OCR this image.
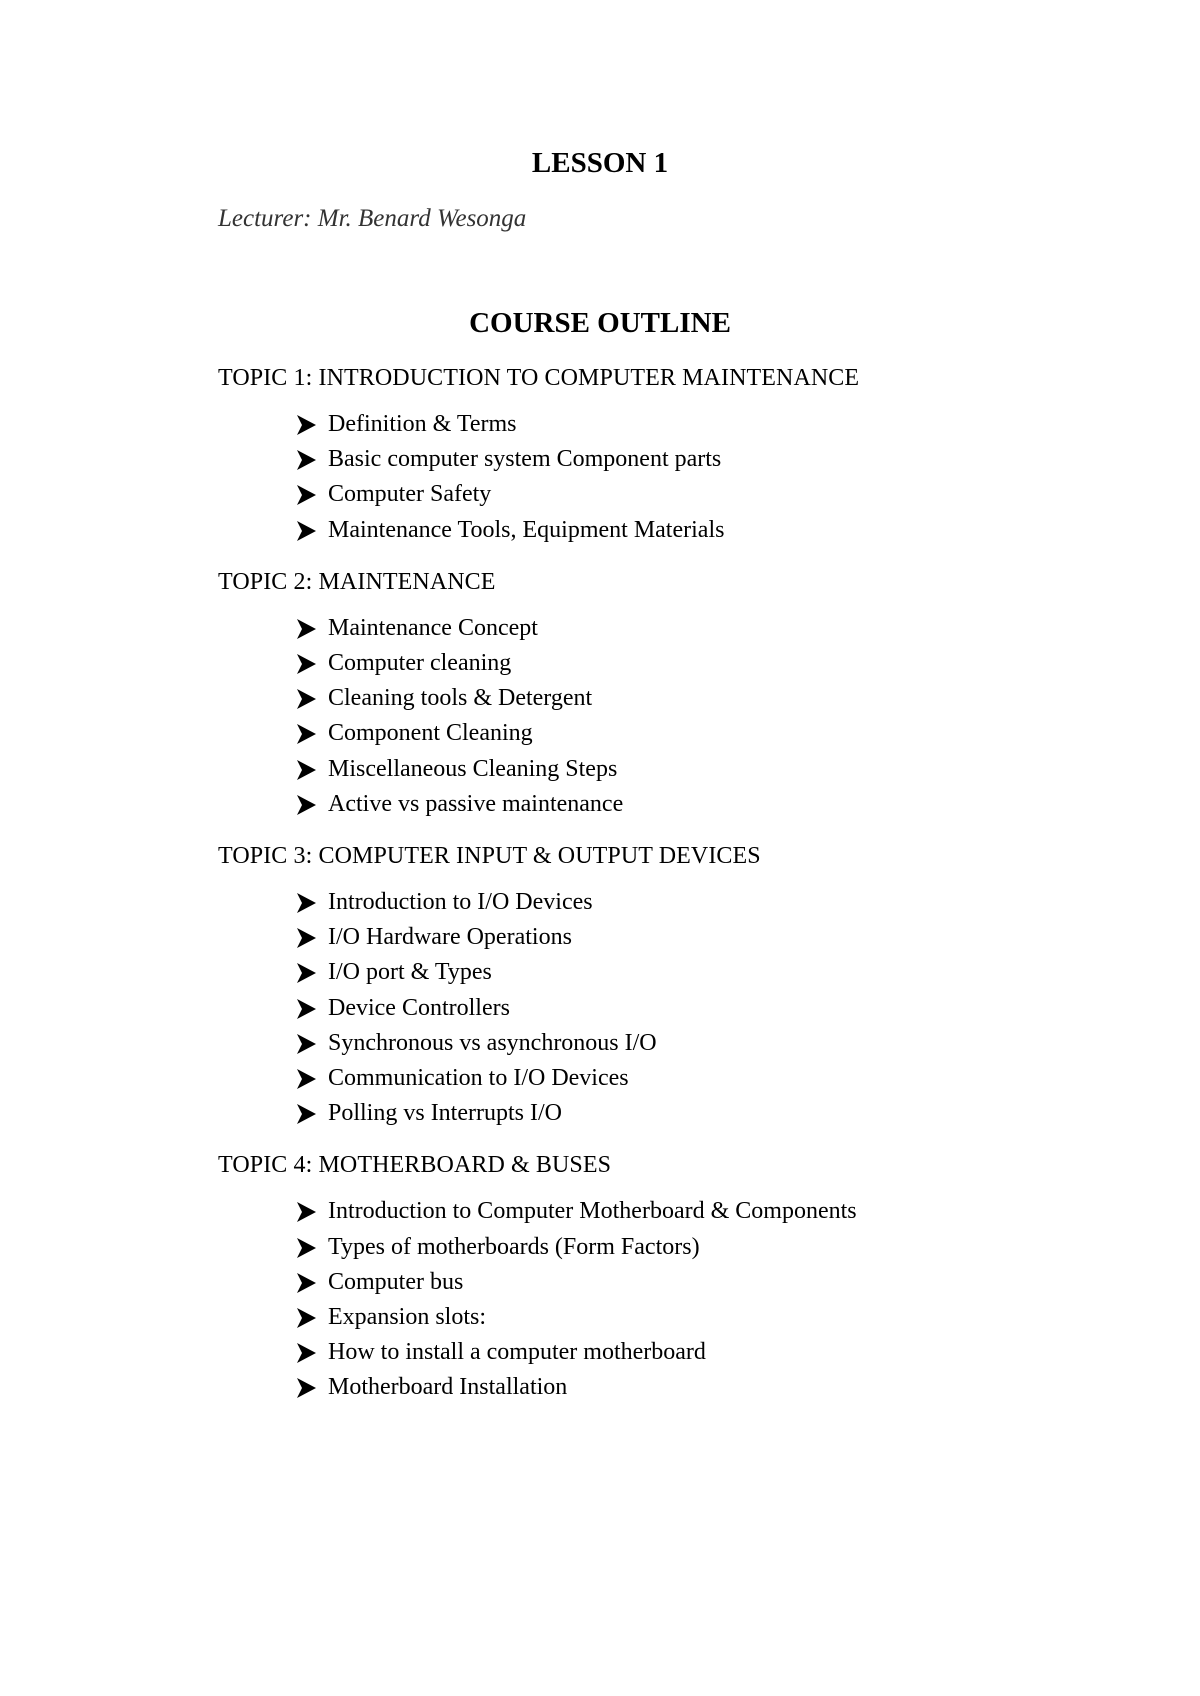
LESSON 1

Lecturer: Mr. Benard Wesonga

COURSE OUTLINE

TOPIC 1: INTRODUCTION TO COMPUTER MAINTENANCE

Definition & Terms
Basic computer system Component parts
Computer Safety
Maintenance Tools, Equipment Materials

TOPIC 2: MAINTENANCE

Maintenance Concept
Computer cleaning
Cleaning tools & Detergent
Component Cleaning
Miscellaneous Cleaning Steps
Active vs passive maintenance

TOPIC 3: COMPUTER INPUT & OUTPUT DEVICES

Introduction to I/O Devices
I/O Hardware Operations
I/O port & Types
Device Controllers
Synchronous vs asynchronous I/O
Communication to I/O Devices
Polling vs Interrupts I/O

TOPIC 4: MOTHERBOARD & BUSES

Introduction to Computer Motherboard & Components
Types of motherboards (Form Factors)
Computer bus
Expansion slots:
How to install a computer motherboard
Motherboard Installation
